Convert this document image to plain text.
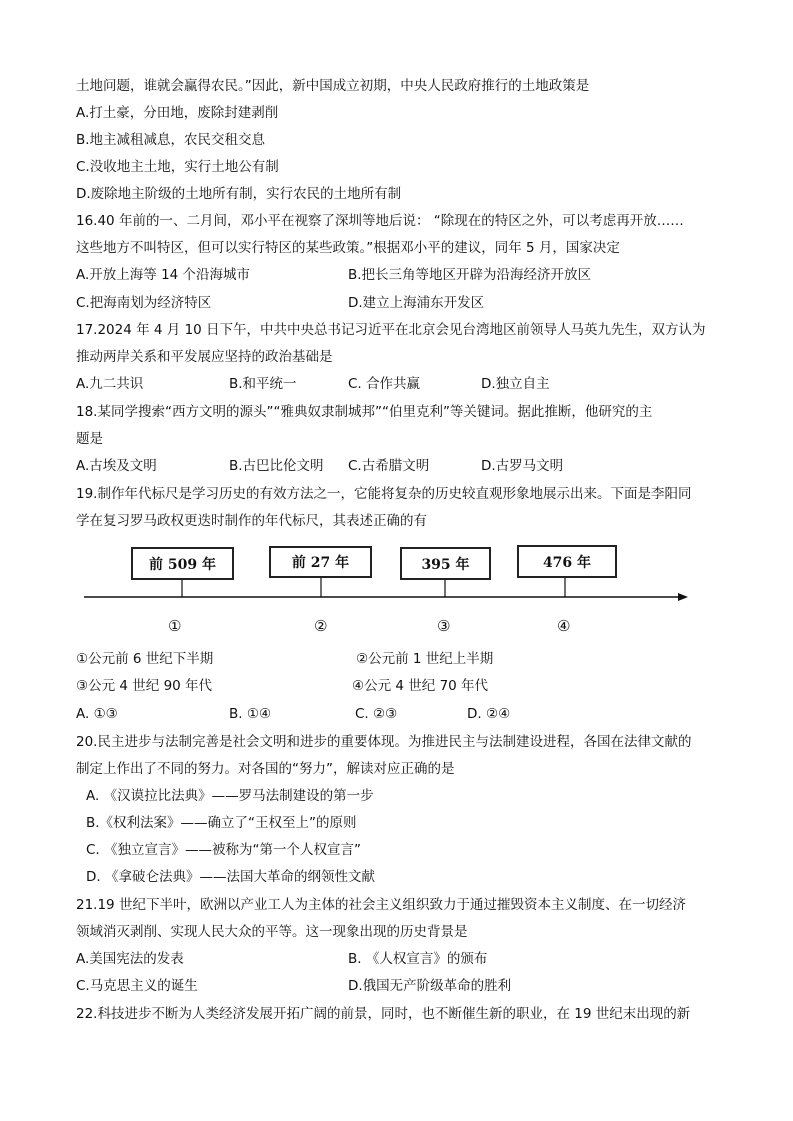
土地问题，谁就会赢得农民。”因此，新中国成立初期，中央人民政府推行的土地政策是
A.打土豪，分田地，废除封建剥削
B.地主减租减息，农民交租交息
C.没收地主土地，实行土地公有制
D.废除地主阶级的土地所有制，实行农民的土地所有制
16.40 年前的一、二月间，邓小平在视察了深圳等地后说： “除现在的特区之外，可以考虑再开放……
这些地方不叫特区，但可以实行特区的某些政策。”根据邓小平的建议，同年 5 月，国家决定
A.开放上海等 14 个沿海城市	B.把长三角等地区开辟为沿海经济开放区
C.把海南划为经济特区	D.建立上海浦东开发区
17.2024 年 4 月 10 日下午，中共中央总书记习近平在北京会见台湾地区前领导人马英九先生，双方认为
推动两岸关系和平发展应坚持的政治基础是
A.九二共识	B.和平统一	C. 合作共赢	D.独立自主
18.某同学搜索“西方文明的源头”“雅典奴隶制城邦”“伯里克利”等关键词。据此推断，他研究的主
题是
A.古埃及文明	B.古巴比伦文明 C.古希腊文明	D.古罗马文明
19.制作年代标尺是学习历史的有效方法之一，它能将复杂的历史较直观形象地展示出来。下面是李阳同
学在复习罗马政权更迭时制作的年代标尺，其表述正确的有
前 509 年	前 27 年	395 年	476 年
①	②	③	④
①公元前 6 世纪下半期	②公元前 1 世纪上半期
③公元 4 世纪 90 年代	④公元 4 世纪 70 年代
A. ①③	B. ①④	C. ②③	D. ②④
20.民主进步与法制完善是社会文明和进步的重要体现。为推进民主与法制建设进程，各国在法律文献的
制定上作出了不同的努力。对各国的“努力”，解读对应正确的是
A. 《汉谟拉比法典》——罗马法制建设的第一步
B.《权利法案》——确立了“王权至上”的原则
C. 《独立宣言》——被称为“第一个人权宣言”
D. 《拿破仑法典》——法国大革命的纲领性文献
21.19 世纪下半叶，欧洲以产业工人为主体的社会主义组织致力于通过摧毁资本主义制度、在一切经济
领域消灭剥削、实现人民大众的平等。这一现象出现的历史背景是
A.美国宪法的发表	B. 《人权宣言》的颁布
C.马克思主义的诞生	D.俄国无产阶级革命的胜利
22.科技进步不断为人类经济发展开拓广阔的前景，同时，也不断催生新的职业，在 19 世纪末出现的新
